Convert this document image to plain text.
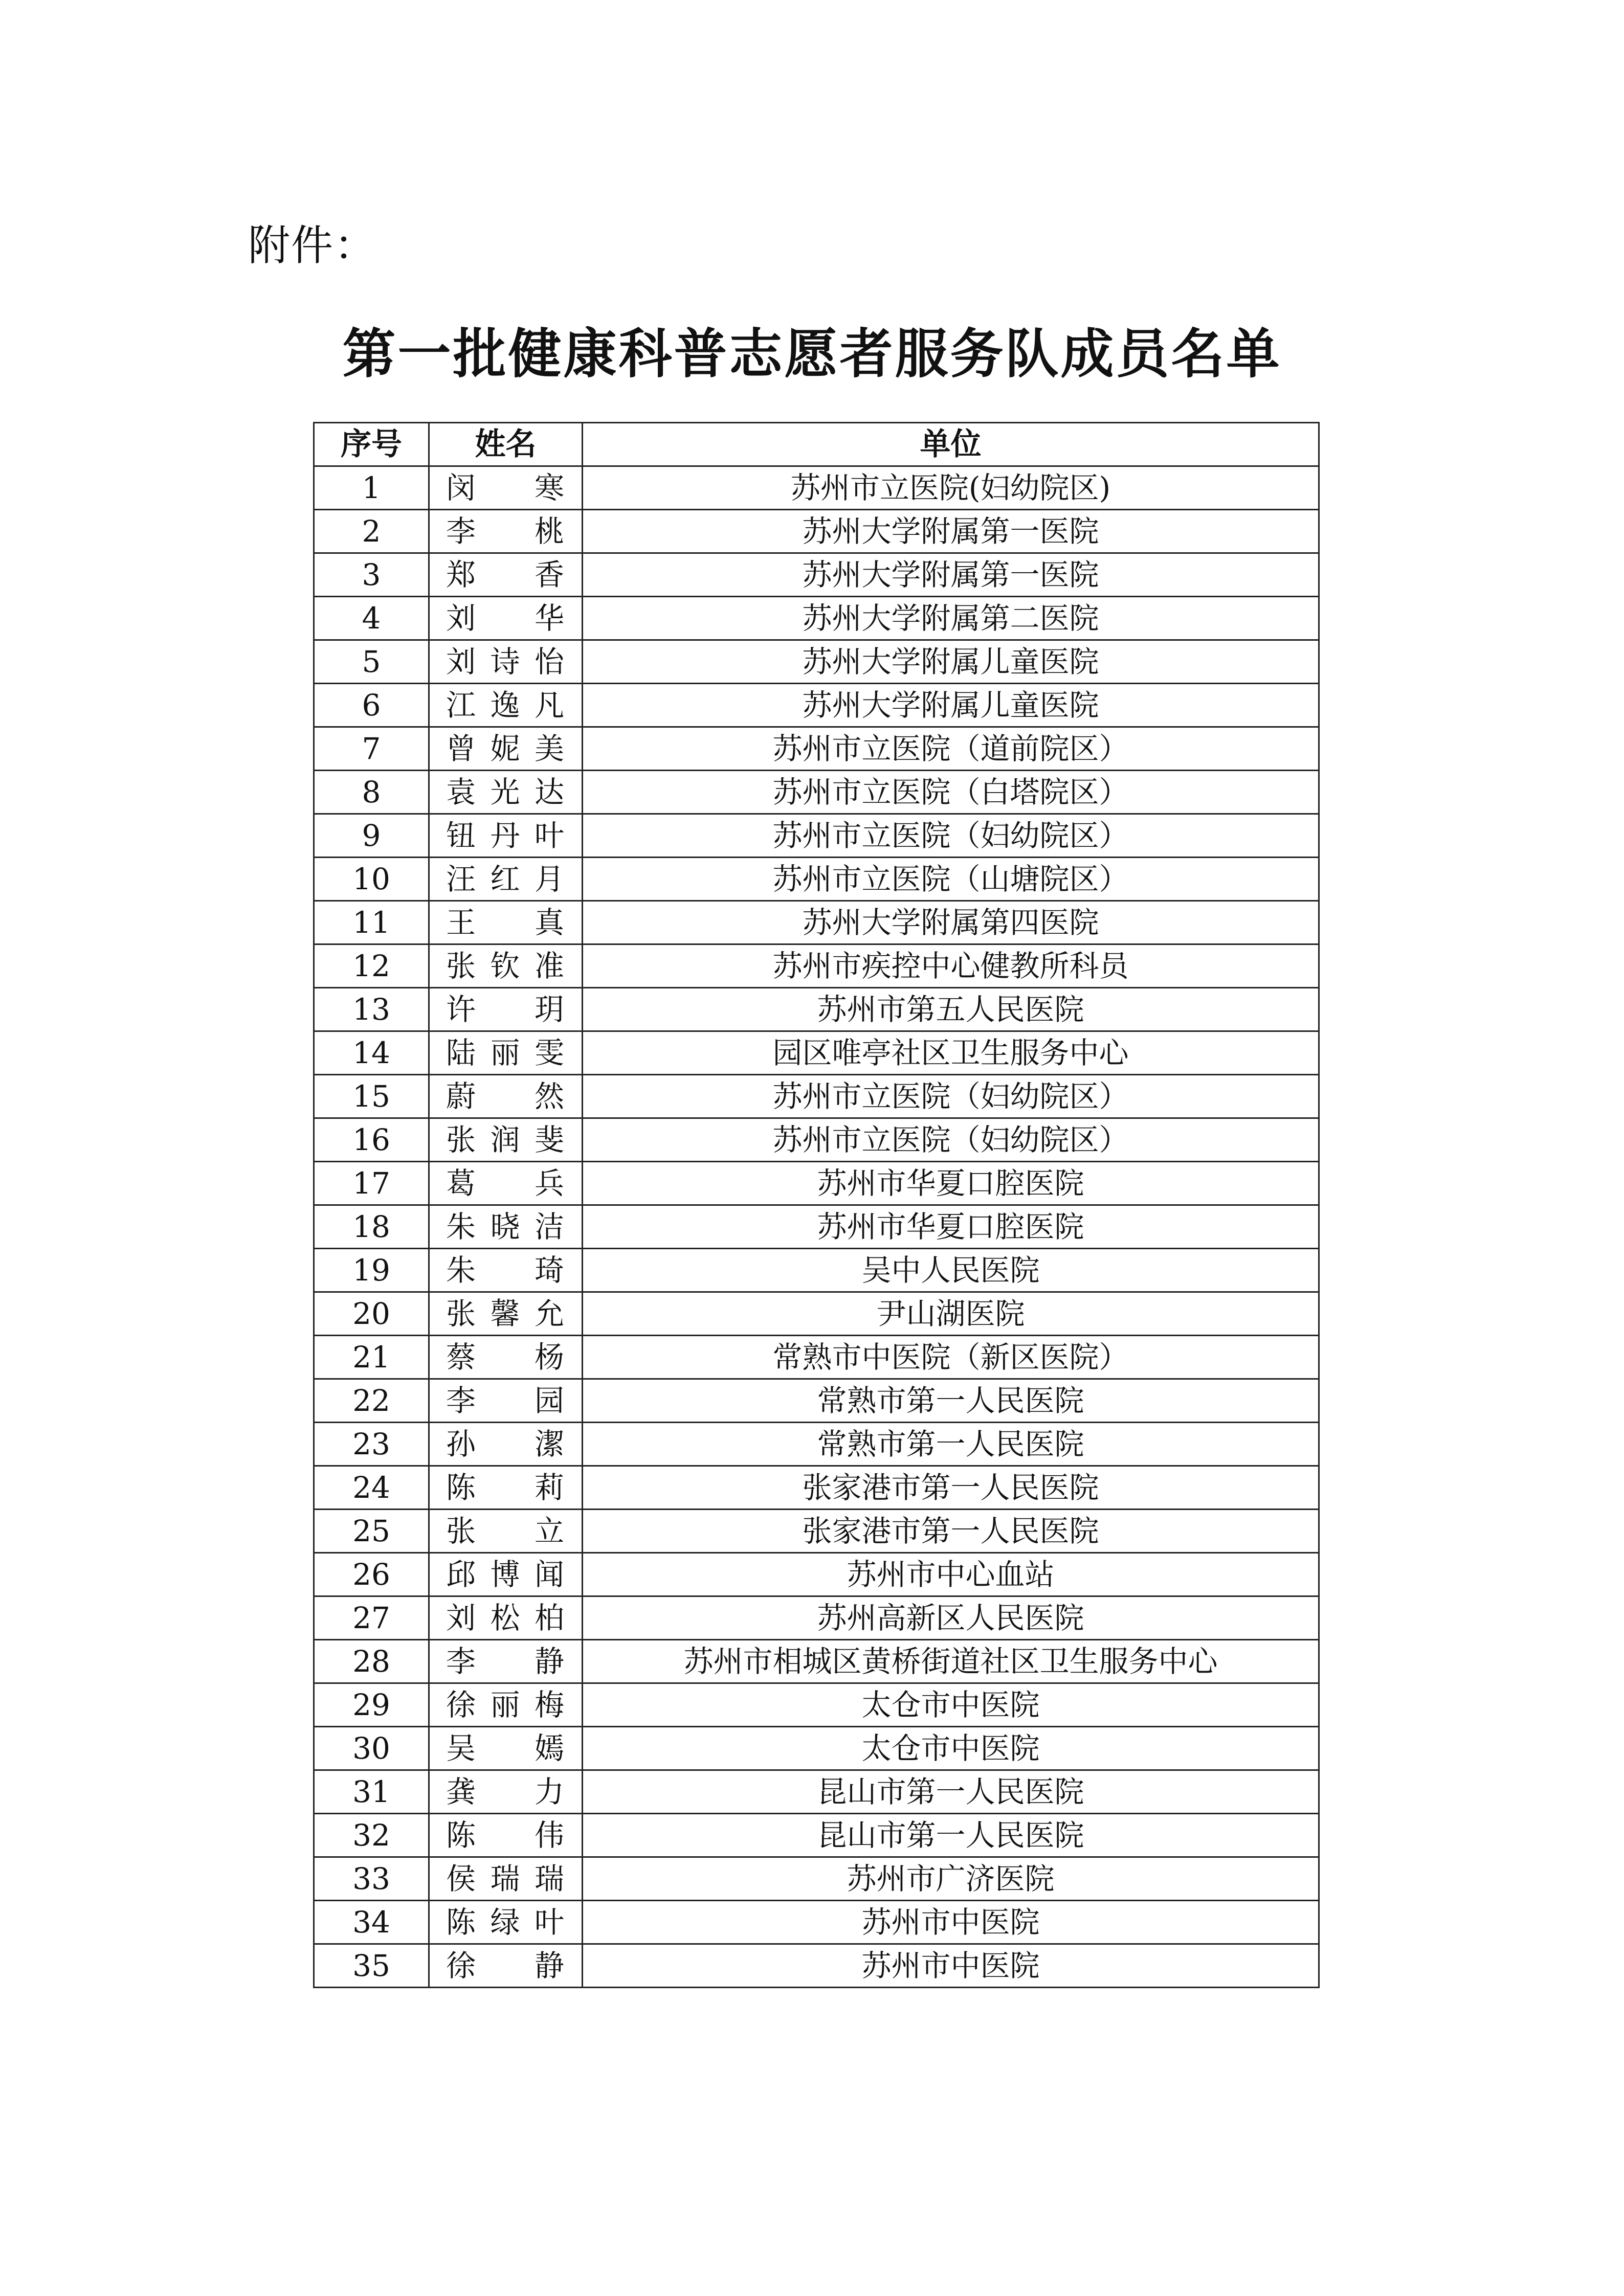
附件：
第一批健康科普志愿者服务队成员名单
序号	姓名	单位
1	闵 寒	苏州市立医院(妇幼院区)
2	李 桃	苏州大学附属第一医院
3	郑 香	苏州大学附属第一医院
4	刘 华	苏州大学附属第二医院
5	刘诗怡	苏州大学附属儿童医院
6	江逸凡	苏州大学附属儿童医院
7	曾妮美	苏州市立医院（道前院区）
8	袁光达	苏州市立医院（白塔院区）
9	钮丹叶	苏州市立医院（妇幼院区）
10	汪红月	苏州市立医院（山塘院区）
11	王 真	苏州大学附属第四医院
12	张钦准	苏州市疾控中心健教所科员
13	许 玥	苏州市第五人民医院
14	陆丽雯	园区唯亭社区卫生服务中心
15	蔚 然	苏州市立医院（妇幼院区）
16	张润斐	苏州市立医院（妇幼院区）
17	葛 兵	苏州市华夏口腔医院
18	朱晓洁	苏州市华夏口腔医院
19	朱 琦	吴中人民医院
20	张馨允	尹山湖医院
21	蔡 杨	常熟市中医院（新区医院）
22	李 园	常熟市第一人民医院
23	孙 潔	常熟市第一人民医院
24	陈 莉	张家港市第一人民医院
25	张 立	张家港市第一人民医院
26	邱博闻	苏州市中心血站
27	刘松柏	苏州高新区人民医院
28	李 静	苏州市相城区黄桥街道社区卫生服务中心
29	徐丽梅	太仓市中医院
30	吴 嫣	太仓市中医院
31	龚 力	昆山市第一人民医院
32	陈 伟	昆山市第一人民医院
33	侯瑞瑞	苏州市广济医院
34	陈绿叶	苏州市中医院
35	徐 静	苏州市中医院
